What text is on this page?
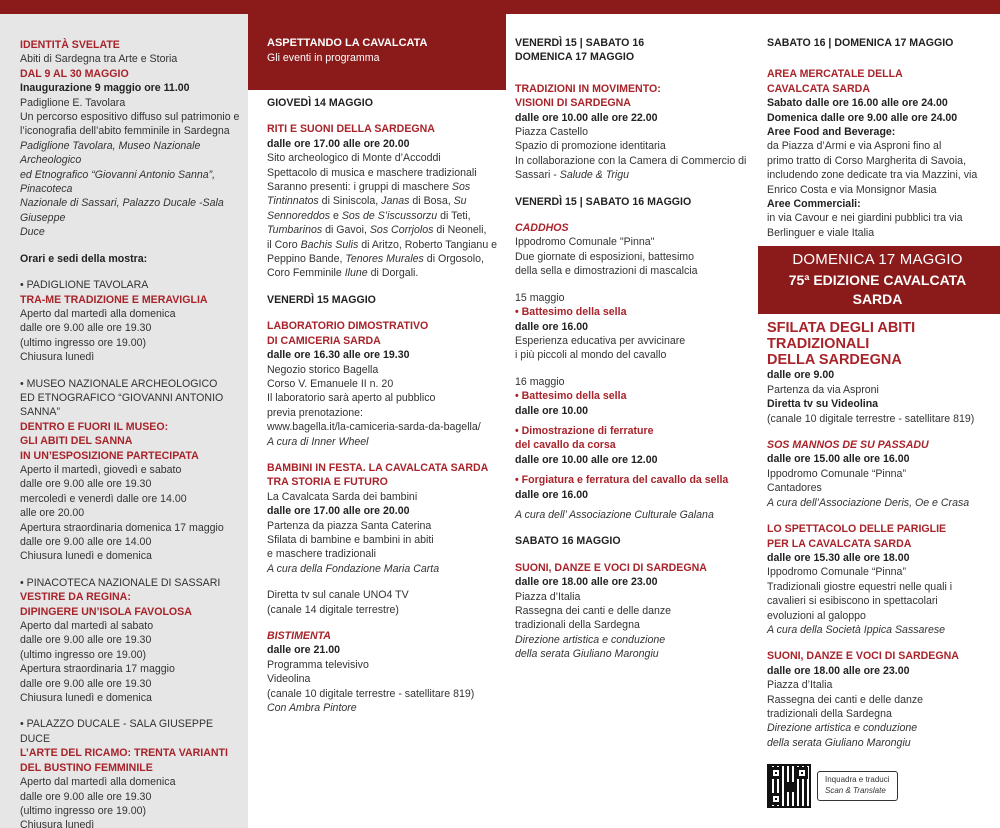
IDENTITÀ SVELATE
Abiti di Sardegna tra Arte e Storia
DAL 9 AL 30 MAGGIO
Inaugurazione 9 maggio ore 11.00
Padiglione E. Tavolara
Un percorso espositivo diffuso sul patrimonio e
l’iconografia dell’abito femminile in Sardegna
Padiglione Tavolara, Museo Nazionale Archeologico
ed Etnografico “Giovanni Antonio Sanna”, Pinacoteca
Nazionale di Sassari, Palazzo Ducale -Sala Giuseppe
Duce
Orari e sedi della mostra:
• PADIGLIONE TAVOLARA
TRA-ME TRADIZIONE E MERAVIGLIA
Aperto dal martedì alla domenica
dalle ore 9.00 alle ore 19.30
(ultimo ingresso ore 19.00)
Chiusura lunedì
• MUSEO NAZIONALE ARCHEOLOGICO
ED ETNOGRAFICO “GIOVANNI ANTONIO SANNA”
DENTRO E FUORI IL MUSEO:
GLI ABITI DEL SANNA
IN UN’ESPOSIZIONE PARTECIPATA
Aperto il martedì, giovedì e sabato
dalle ore 9.00 alle ore 19.30
mercoledì e venerdì dalle ore 14.00
alle ore 20.00
Apertura straordinaria domenica 17 maggio
dalle ore 9.00 alle ore 14.00
Chiusura lunedì e domenica
• PINACOTECA NAZIONALE DI SASSARI
VESTIRE DA REGINA:
DIPINGERE UN’ISOLA FAVOLOSA
Aperto dal martedì al sabato
dalle ore 9.00 alle ore 19.30
(ultimo ingresso ore 19.00)
Apertura straordinaria 17 maggio
dalle ore 9.00 alle ore 19.30
Chiusura lunedì e domenica
• PALAZZO DUCALE - SALA GIUSEPPE DUCE
L’ARTE DEL RICAMO: TRENTA VARIANTI
DEL BUSTINO FEMMINILE
Aperto dal martedì alla domenica
dalle ore 9.00 alle ore 19.30
(ultimo ingresso ore 19.00)
Chiusura lunedì
ASPETTANDO LA CAVALCATA
Gli eventi in programma
GIOVEDÌ 14 MAGGIO
RITI E SUONI DELLA SARDEGNA
dalle ore 17.00 alle ore 20.00
Sito archeologico di Monte d’Accoddi
Spettacolo di musica e maschere tradizionali
Saranno presenti: i gruppi di maschere Sos
Tintinnatos di Siniscola, Janas di Bosa, Su
Sennoreddos e Sos de S’iscussorzu di Teti,
Tumbarinos di Gavoi, Sos Corrjolos di Neoneli,
il Coro Bachis Sulis di Aritzo, Roberto Tangianu e
Peppino Bande, Tenores Murales di Orgosolo,
Coro Femminile Ilune di Dorgali.
VENERDÌ 15 MAGGIO
LABORATORIO DIMOSTRATIVO
DI CAMICERIA SARDA
dalle ore 16.30 alle ore 19.30
Negozio storico Bagella
Corso V. Emanuele II n. 20
Il laboratorio sarà aperto al pubblico
previa prenotazione:
www.bagella.it/la-camiceria-sarda-da-bagella/
A cura di Inner Wheel
BAMBINI IN FESTA. LA CAVALCATA SARDA
TRA STORIA E FUTURO
La Cavalcata Sarda dei bambini
dalle ore 17.00 alle ore 20.00
Partenza da piazza Santa Caterina
Sfilata di bambine e bambini in abiti
e maschere tradizionali
A cura della Fondazione Maria Carta
Diretta tv sul canale UNO4 TV
(canale 14 digitale terrestre)
BISTIMENTA
dalle ore 21.00
Programma televisivo
Videolina
(canale 10 digitale terrestre - satellitare 819)
Con Ambra Pintore
VENERDÌ 15 | SABATO 16
DOMENICA 17 MAGGIO
TRADIZIONI IN MOVIMENTO:
VISIONI DI SARDEGNA
dalle ore 10.00 alle ore 22.00
Piazza Castello
Spazio di promozione identitaria
In collaborazione con la Camera di Commercio di
Sassari - Salude & Trigu
VENERDÌ 15 | SABATO 16 MAGGIO
CADDHOS
Ippodromo Comunale "Pinna"
Due giornate di esposizioni, battesimo
della sella e dimostrazioni di mascalcia
15 maggio
• Battesimo della sella
dalle ore 16.00
Esperienza educativa per avvicinare
i più piccoli al mondo del cavallo
16 maggio
• Battesimo della sella
dalle ore 10.00
• Dimostrazione di ferrature
del cavallo da corsa
dalle ore 10.00 alle ore 12.00
• Forgiatura e ferratura del cavallo da sella
dalle ore 16.00
A cura dell’ Associazione Culturale Galana
SABATO 16 MAGGIO
SUONI, DANZE E VOCI DI SARDEGNA
dalle ore 18.00 alle ore 23.00
Piazza d’Italia
Rassegna dei canti e delle danze
tradizionali della Sardegna
Direzione artistica e conduzione
della serata Giuliano Marongiu
SABATO 16 | DOMENICA 17 MAGGIO
AREA MERCATALE DELLA
CAVALCATA SARDA
Sabato dalle ore 16.00 alle ore 24.00
Domenica dalle ore 9.00 alle ore 24.00
Aree Food and Beverage:
da Piazza d’Armi e via Asproni fino al
primo tratto di Corso Margherita di Savoia,
includendo zone dedicate tra via Mazzini, via
Enrico Costa e via Monsignor Masia
Aree Commerciali:
in via Cavour e nei giardini pubblici tra via
Berlinguer e viale Italia
DOMENICA 17 MAGGIO
75ª EDIZIONE CAVALCATA SARDA
SFILATA DEGLI ABITI TRADIZIONALI
DELLA SARDEGNA
dalle ore 9.00
Partenza da via Asproni
Diretta tv su Videolina
(canale 10 digitale terrestre - satellitare 819)
SOS MANNOS DE SU PASSADU
dalle ore 15.00 alle ore 16.00
Ippodromo Comunale “Pinna”
Cantadores
A cura dell’Associazione Deris, Oe e Crasa
LO SPETTACOLO DELLE PARIGLIE
PER LA CAVALCATA SARDA
dalle ore 15.30 alle ore 18.00
Ippodromo Comunale “Pinna”
Tradizionali giostre equestri nelle quali i
cavalieri si esibiscono in spettacolari
evoluzioni al galoppo
A cura della Società Ippica Sassarese
SUONI, DANZE E VOCI DI SARDEGNA
dalle ore 18.00 alle ore 23.00
Piazza d’Italia
Rassegna dei canti e delle danze
tradizionali della Sardegna
Direzione artistica e conduzione
della serata Giuliano Marongiu
Inquadra e traduci
Scan & Translate
